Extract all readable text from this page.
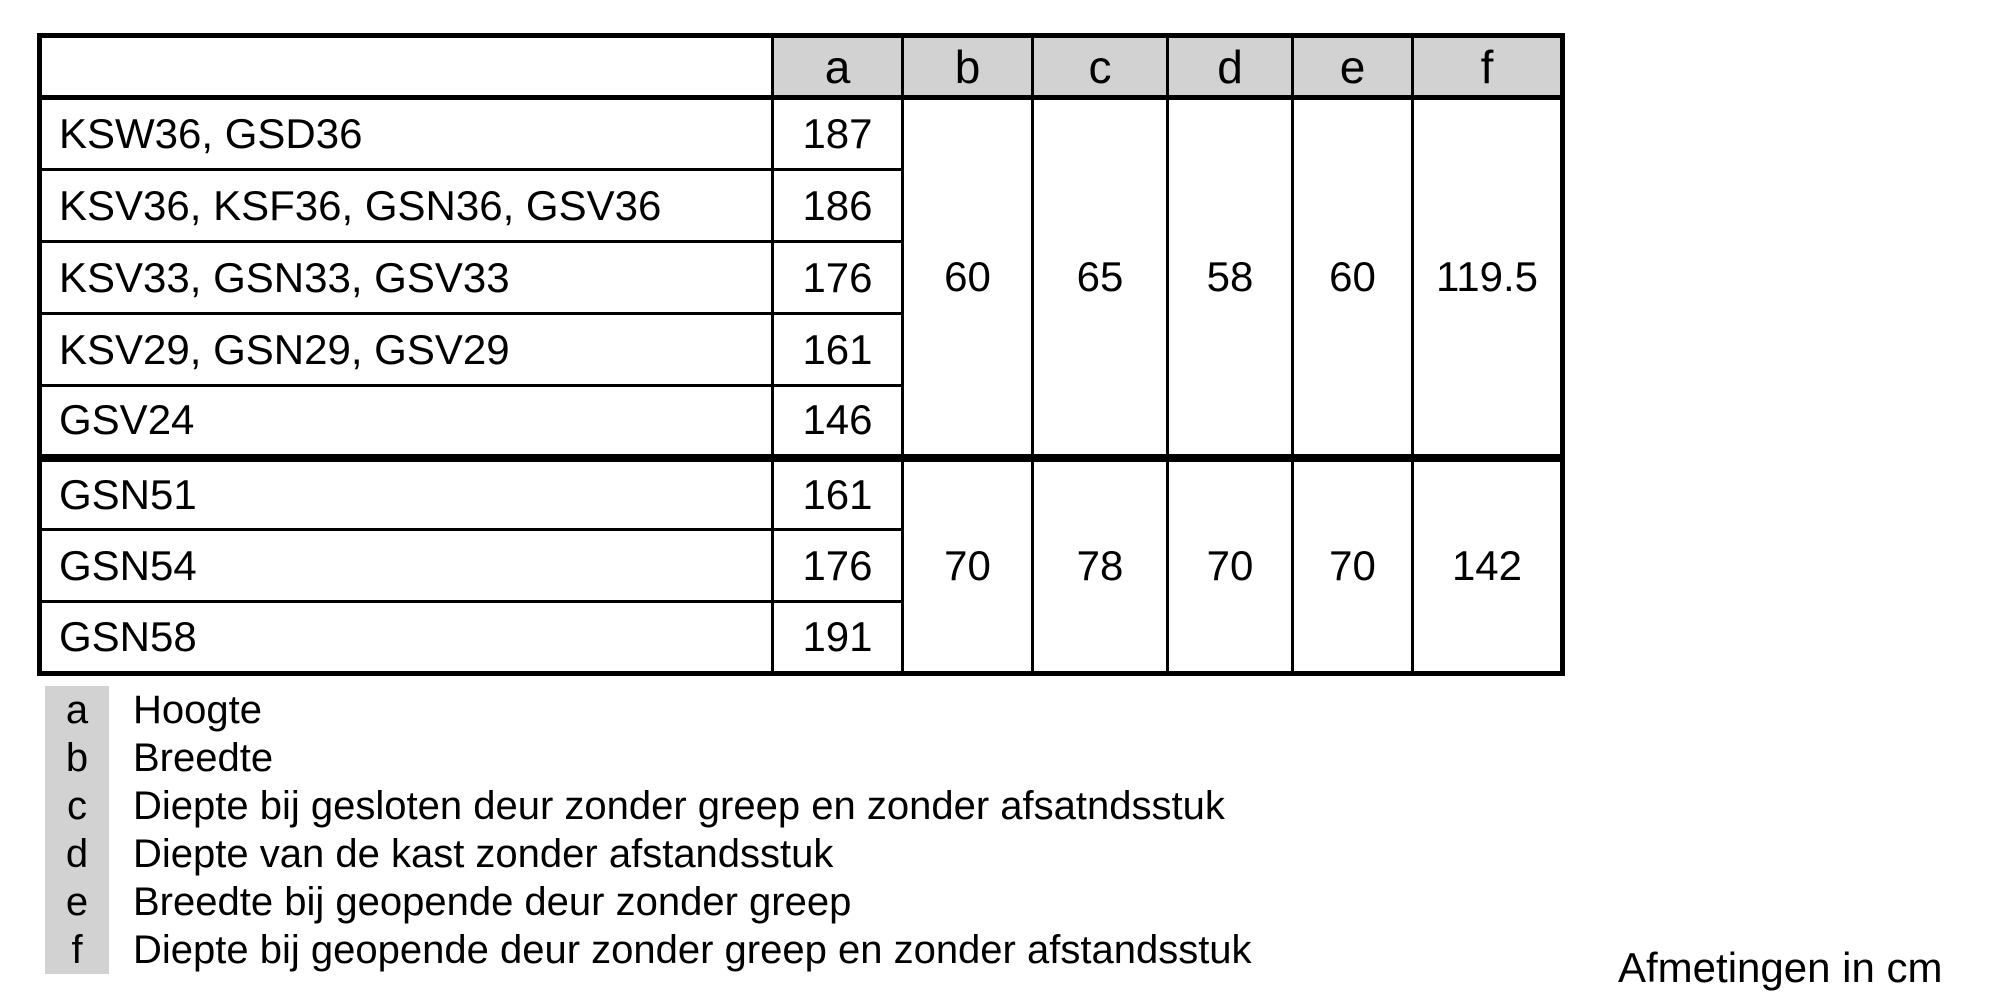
	a	b	c	d	e	f
KSW36, GSD36	187	60	65	58	60	119.5
KSV36, KSF36, GSN36, GSV36	186					
KSV33, GSN33, GSV33	176					
KSV29, GSN29, GSV29	161					
GSV24	146					
GSN51	161	70	78	70	70	142
GSN54	176					
GSN58	191					
a	Hoogte
b	Breedte
c	Diepte bij gesloten deur zonder greep en zonder afsatndsstuk
d	Diepte van de kast zonder afstandsstuk
e	Breedte bij geopende deur zonder greep
f	Diepte bij geopende deur zonder greep en zonder afstandsstuk	Afmetingen in cm
